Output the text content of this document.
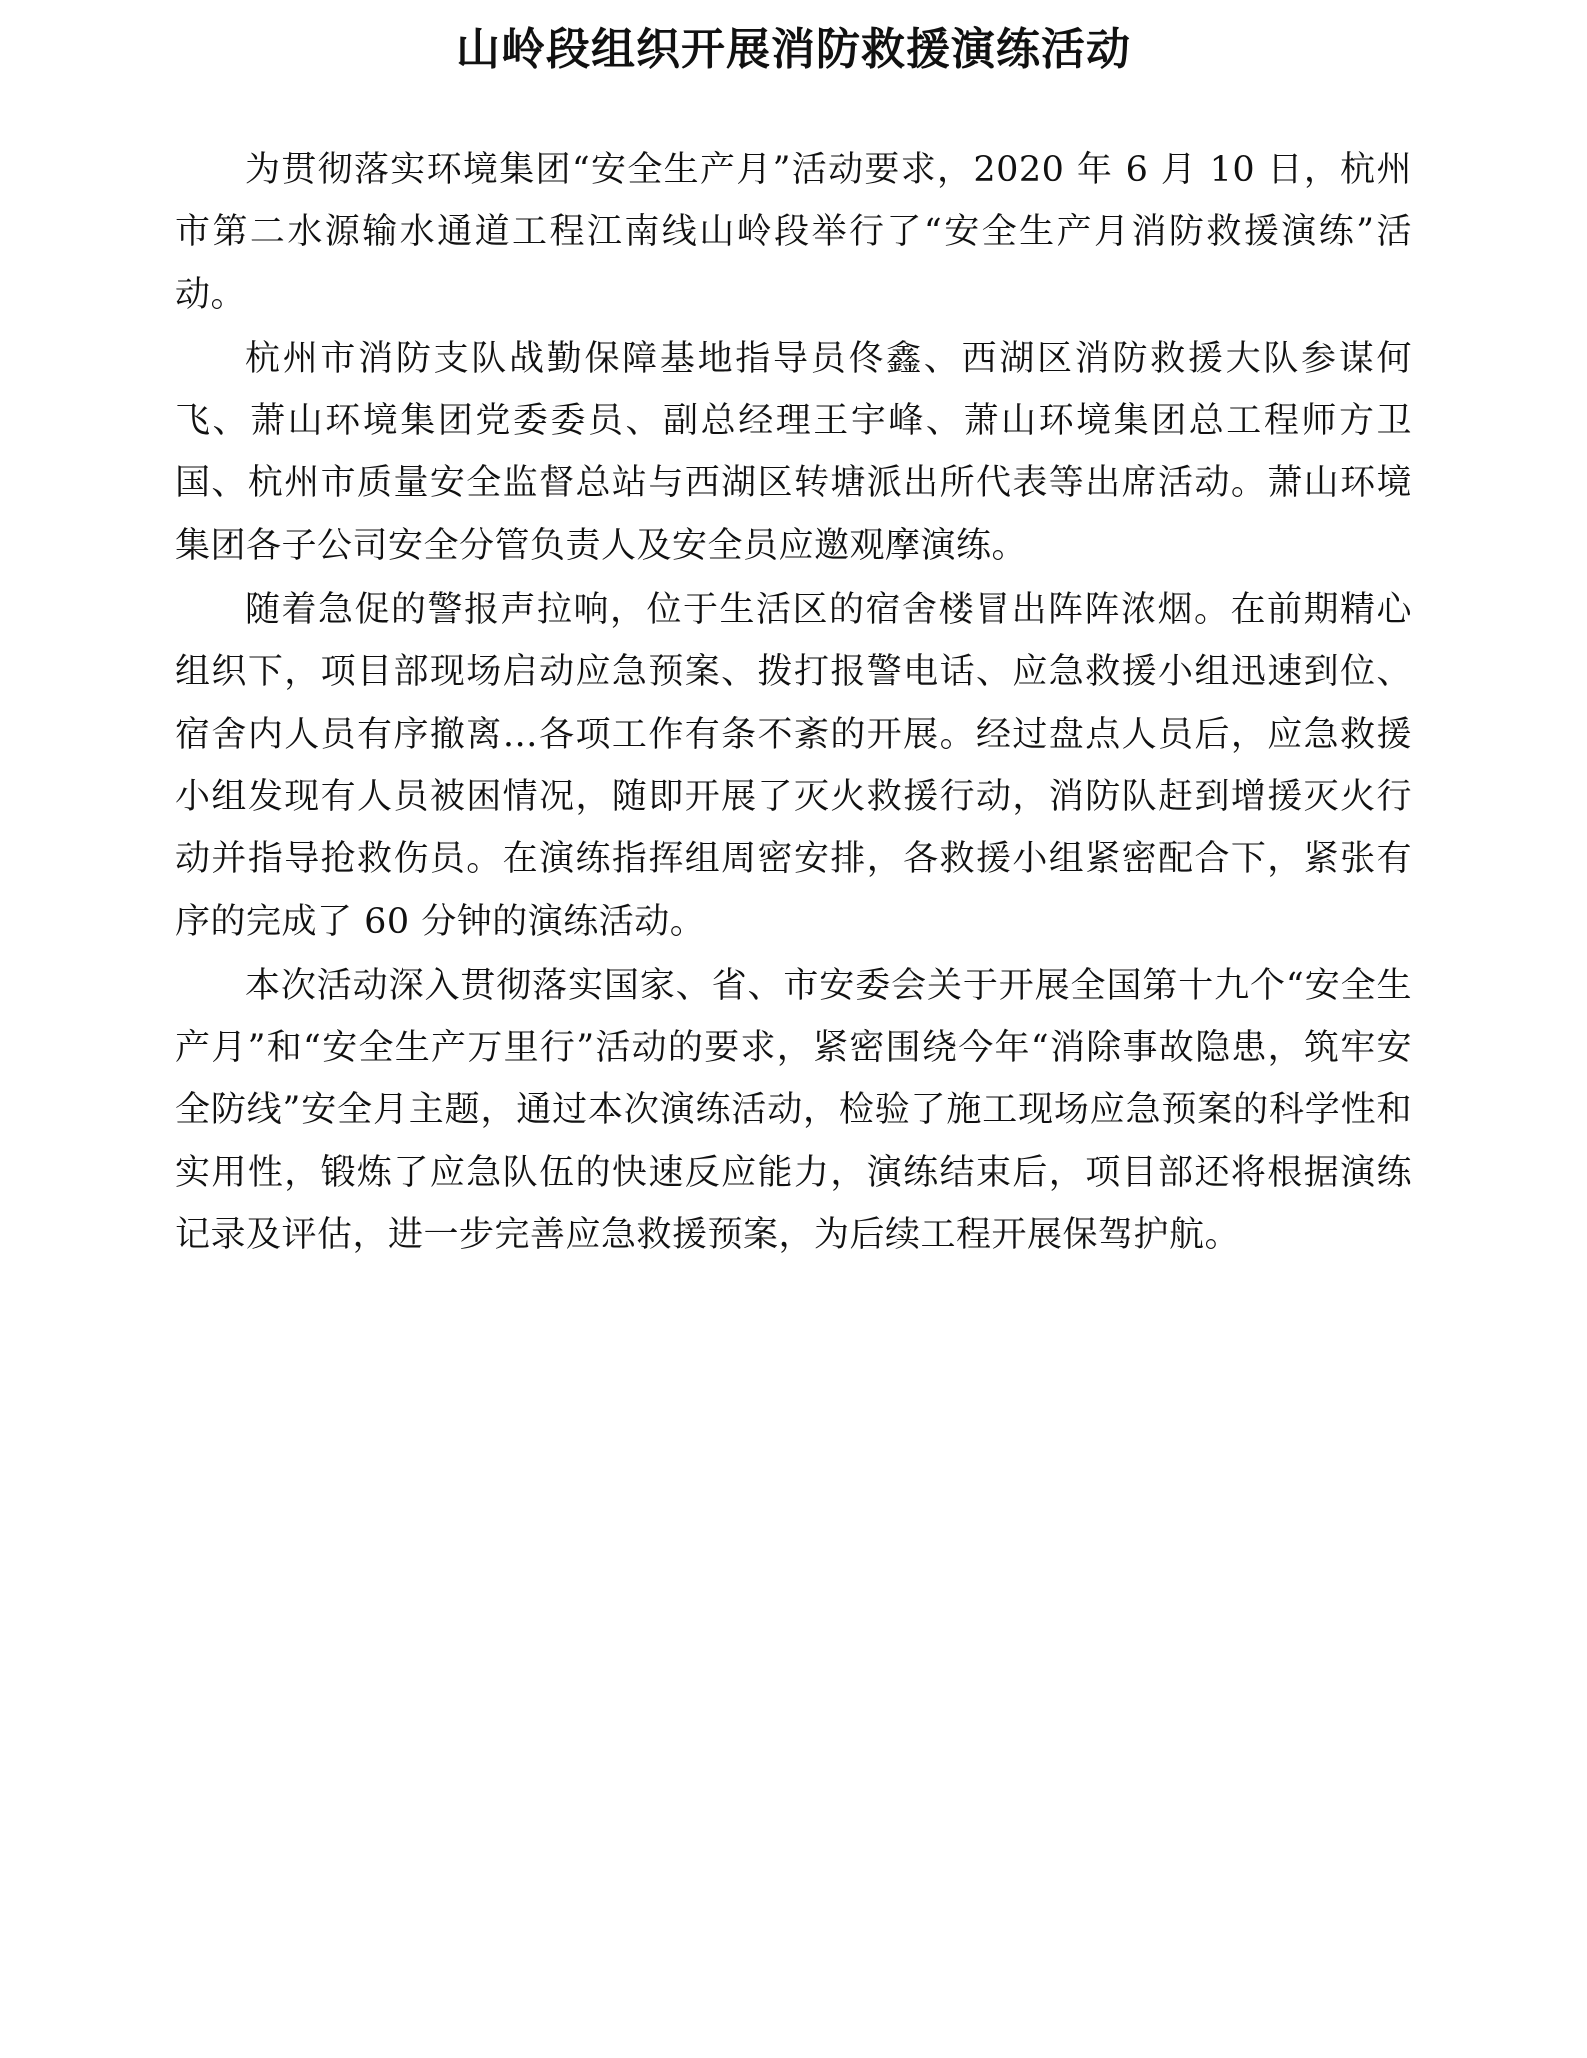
山岭段组织开展消防救援演练活动

为贯彻落实环境集团“安全生产月”活动要求，2020 年 6 月 10 日，杭州市第二水源输水通道工程江南线山岭段举行了“安全生产月消防救援演练”活动。

杭州市消防支队战勤保障基地指导员佟鑫、西湖区消防救援大队参谋何飞、萧山环境集团党委委员、副总经理王宇峰、萧山环境集团总工程师方卫国、杭州市质量安全监督总站与西湖区转塘派出所代表等出席活动。萧山环境集团各子公司安全分管负责人及安全员应邀观摩演练。

随着急促的警报声拉响，位于生活区的宿舍楼冒出阵阵浓烟。在前期精心组织下，项目部现场启动应急预案、拨打报警电话、应急救援小组迅速到位、宿舍内人员有序撤离…各项工作有条不紊的开展。经过盘点人员后，应急救援小组发现有人员被困情况，随即开展了灭火救援行动，消防队赶到增援灭火行动并指导抢救伤员。在演练指挥组周密安排，各救援小组紧密配合下，紧张有序的完成了 60 分钟的演练活动。

本次活动深入贯彻落实国家、省、市安委会关于开展全国第十九个“安全生产月”和“安全生产万里行”活动的要求，紧密围绕今年“消除事故隐患，筑牢安全防线”安全月主题，通过本次演练活动，检验了施工现场应急预案的科学性和实用性，锻炼了应急队伍的快速反应能力，演练结束后，项目部还将根据演练记录及评估，进一步完善应急救援预案，为后续工程开展保驾护航。
